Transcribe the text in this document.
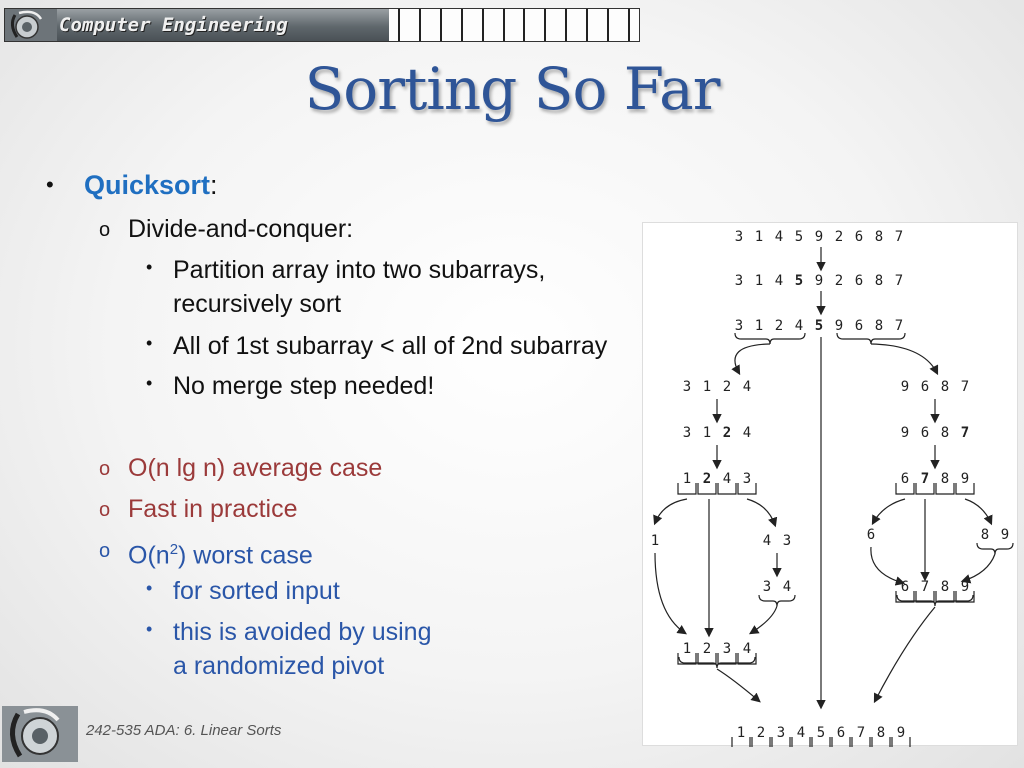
Computer Engineering
Sorting So Far
• Quicksort:
o Divide-and-conquer:
• Partition array into two subarrays,
recursively sort
• All of 1st subarray < all of 2nd subarray
• No merge step needed!
o O(n lg n) average case
o Fast in practice
o $O(n^2)$ worst case
• for sorted input
• this is avoided by using
a randomized pivot
3 1 4 5 9 2 6 8 7
3 1 4 5 9 2 6 8 7
3 1 2 4 5 9 6 8 7
3 1 2 4
3 1 2 4
1 2 4 3
9 6 8 7
9 6 8 7
6 7 8 9
1	4 3
3 4
1 2 3 4
6	8 9
6 7 8 9
1 2 3 4 5 6 7 8 9
242-535 ADA: 6. Linear Sorts
